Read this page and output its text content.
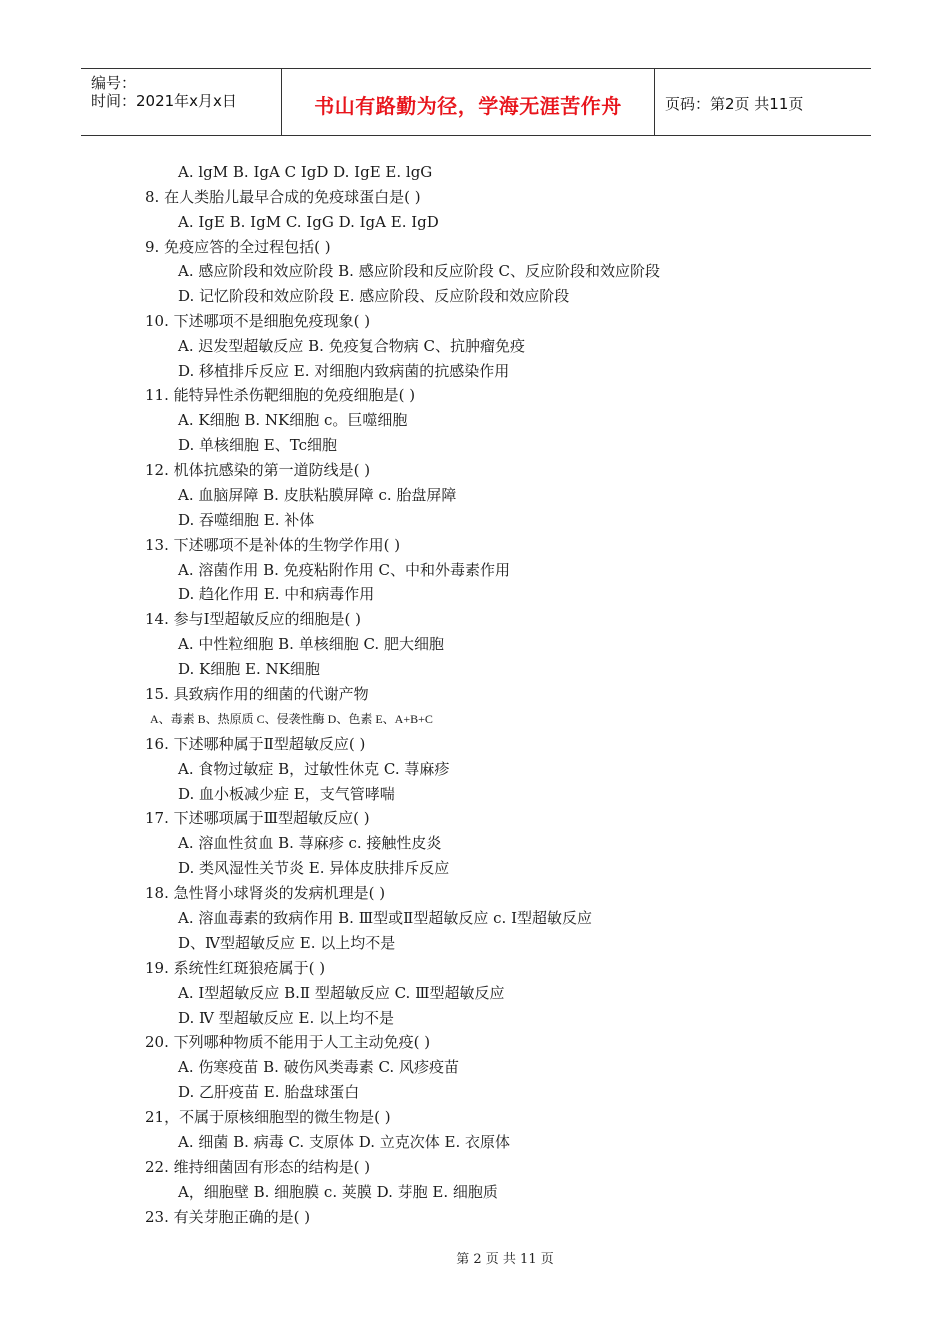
编号：
时间：2021年x月x日	书山有路勤为径，学海无涯苦作舟	页码：第2页 共11页
A. lgM B. IgA C IgD D. IgE E. lgG
8. 在人类胎儿最早合成的免疫球蛋白是( )
A. IgE B. IgM C. IgG D. IgA E. IgD
9. 免疫应答的全过程包括( )
A. 感应阶段和效应阶段 B. 感应阶段和反应阶段 C、反应阶段和效应阶段
D. 记忆阶段和效应阶段 E. 感应阶段、反应阶段和效应阶段
10. 下述哪项不是细胞免疫现象( )
A. 迟发型超敏反应 B. 免疫复合物病 C、抗肿瘤免疫
D. 移植排斥反应 E. 对细胞内致病菌的抗感染作用
11. 能特异性杀伤靶细胞的免疫细胞是( )
A. K细胞 B. NK细胞 c。巨噬细胞
D. 单核细胞 E、Tc细胞
12. 机体抗感染的第一道防线是( )
A. 血脑屏障 B. 皮肤粘膜屏障 c. 胎盘屏障
D. 吞噬细胞 E. 补体
13. 下述哪项不是补体的生物学作用( )
A. 溶菌作用 B. 免疫粘附作用 C、中和外毒素作用
D. 趋化作用 E. 中和病毒作用
14. 参与Ⅰ型超敏反应的细胞是( )
A. 中性粒细胞 B. 单核细胞 C. 肥大细胞
D. K细胞 E. NK细胞
15. 具致病作用的细菌的代谢产物
A、毒素 B、热原质 C、侵袭性酶 D、色素 E、A+B+C
16. 下述哪种属于Ⅱ型超敏反应( )
A. 食物过敏症 B，过敏性休克 C. 荨麻疹
D. 血小板减少症 E，支气管哮喘
17. 下述哪项属于Ⅲ型超敏反应( )
A. 溶血性贫血 B. 荨麻疹 c. 接触性皮炎
D. 类风湿性关节炎 E. 异体皮肤排斥反应
18. 急性肾小球肾炎的发病机理是( )
A. 溶血毒素的致病作用 B. Ⅲ型或Ⅱ型超敏反应 c. Ⅰ型超敏反应
D、Ⅳ型超敏反应 E. 以上均不是
19. 系统性红斑狼疮属于( )
A. Ⅰ型超敏反应 B.Ⅱ 型超敏反应 C. Ⅲ型超敏反应
D. Ⅳ 型超敏反应 E. 以上均不是
20. 下列哪种物质不能用于人工主动免疫( )
A. 伤寒疫苗 B. 破伤风类毒素 C. 风疹疫苗
D. 乙肝疫苗 E. 胎盘球蛋白
21，不属于原核细胞型的微生物是( )
A. 细菌 B. 病毒 C. 支原体 D. 立克次体 E. 衣原体
22. 维持细菌固有形态的结构是( )
A，细胞壁 B. 细胞膜 c. 荚膜 D. 芽胞 E. 细胞质
23. 有关芽胞正确的是( )
第 2 页 共 11 页
